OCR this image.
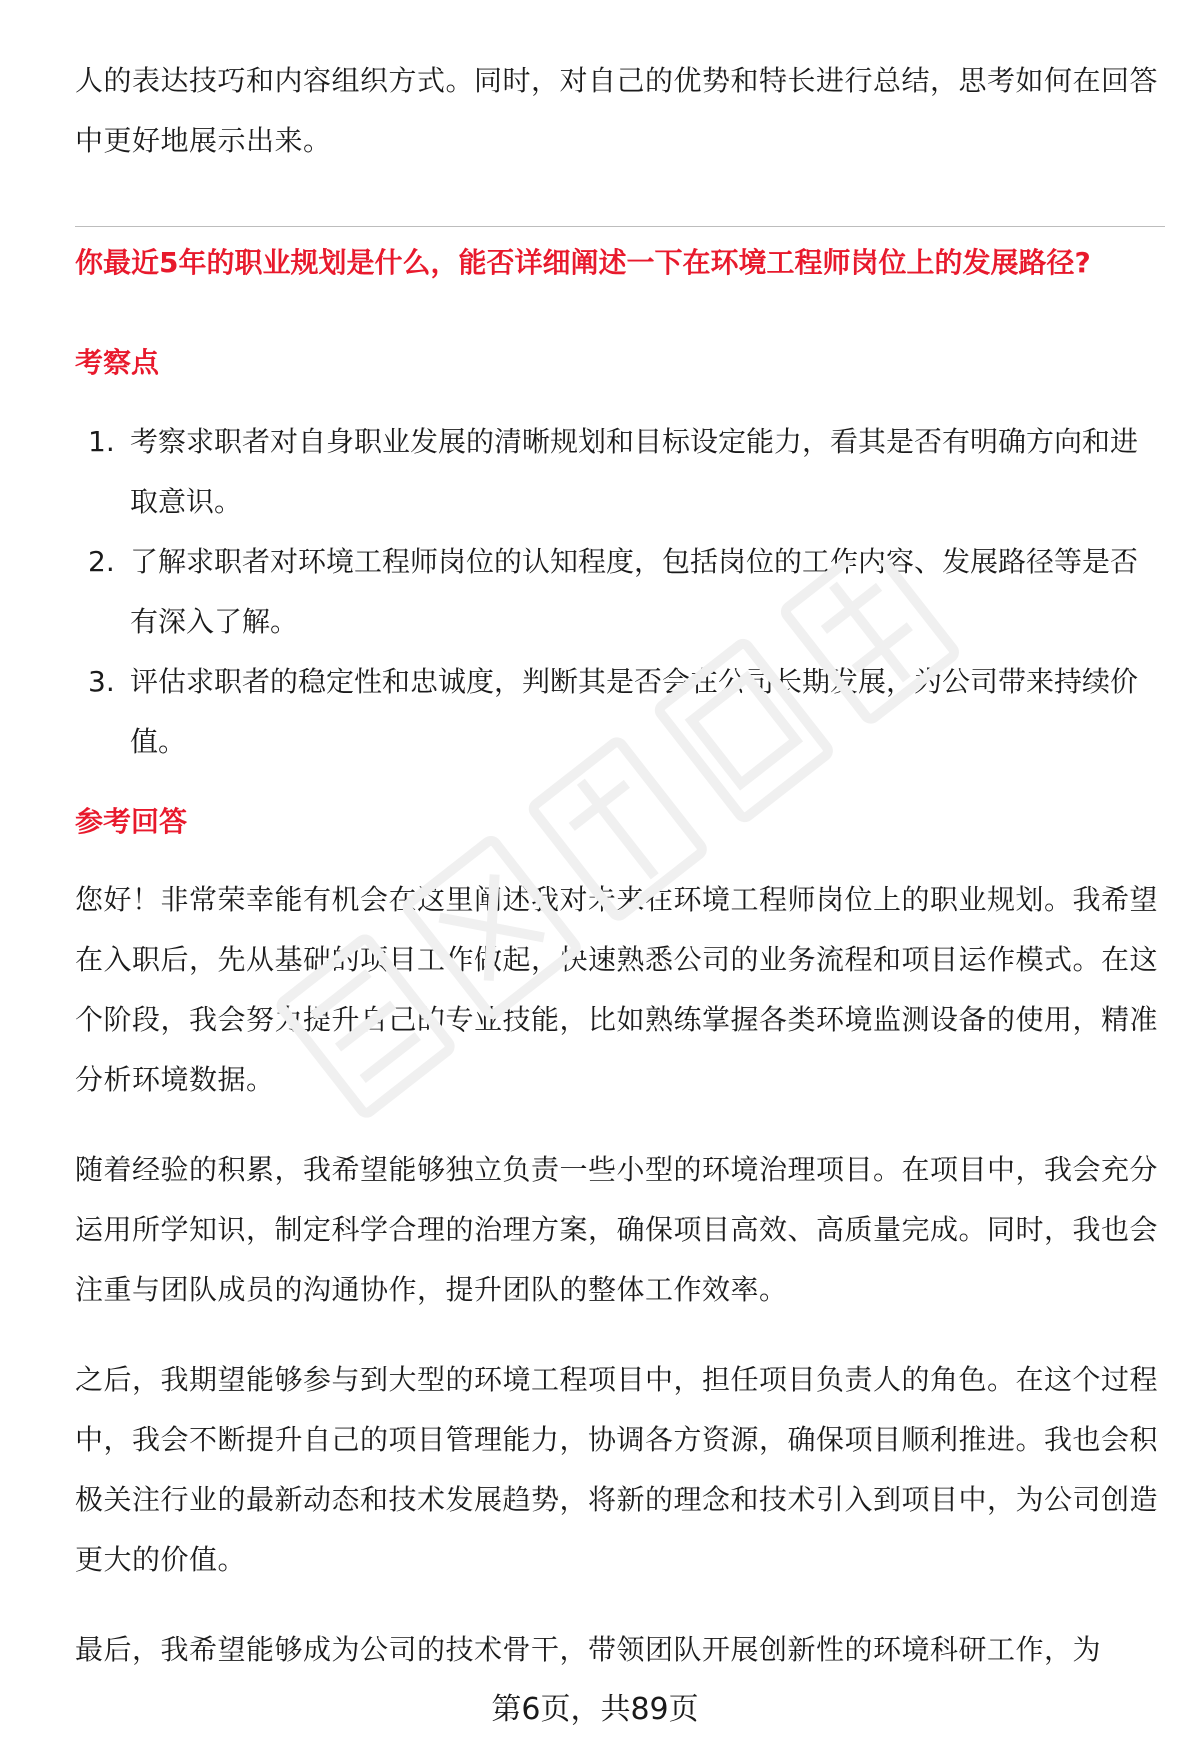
人的表达技巧和内容组织方式。同时，对自己的优势和特长进行总结，思考如何在回答中更好地展示出来。

你最近5年的职业规划是什么，能否详细阐述一下在环境工程师岗位上的发展路径?

考察点

1. 考察求职者对自身职业发展的清晰规划和目标设定能力，看其是否有明确方向和进取意识。
2. 了解求职者对环境工程师岗位的认知程度，包括岗位的工作内容、发展路径等是否有深入了解。
3. 评估求职者的稳定性和忠诚度，判断其是否会在公司长期发展，为公司带来持续价值。

参考回答

您好！非常荣幸能有机会在这里阐述我对未来在环境工程师岗位上的职业规划。我希望在入职后，先从基础的项目工作做起，快速熟悉公司的业务流程和项目运作模式。在这个阶段，我会努力提升自己的专业技能，比如熟练掌握各类环境监测设备的使用，精准分析环境数据。

随着经验的积累，我希望能够独立负责一些小型的环境治理项目。在项目中，我会充分运用所学知识，制定科学合理的治理方案，确保项目高效、高质量完成。同时，我也会注重与团队成员的沟通协作，提升团队的整体工作效率。

之后，我期望能够参与到大型的环境工程项目中，担任项目负责人的角色。在这个过程中，我会不断提升自己的项目管理能力，协调各方资源，确保项目顺利推进。我也会积极关注行业的最新动态和技术发展趋势，将新的理念和技术引入到项目中，为公司创造更大的价值。

最后，我希望能够成为公司的技术骨干，带领团队开展创新性的环境科研工作，为

第6页，共89页
